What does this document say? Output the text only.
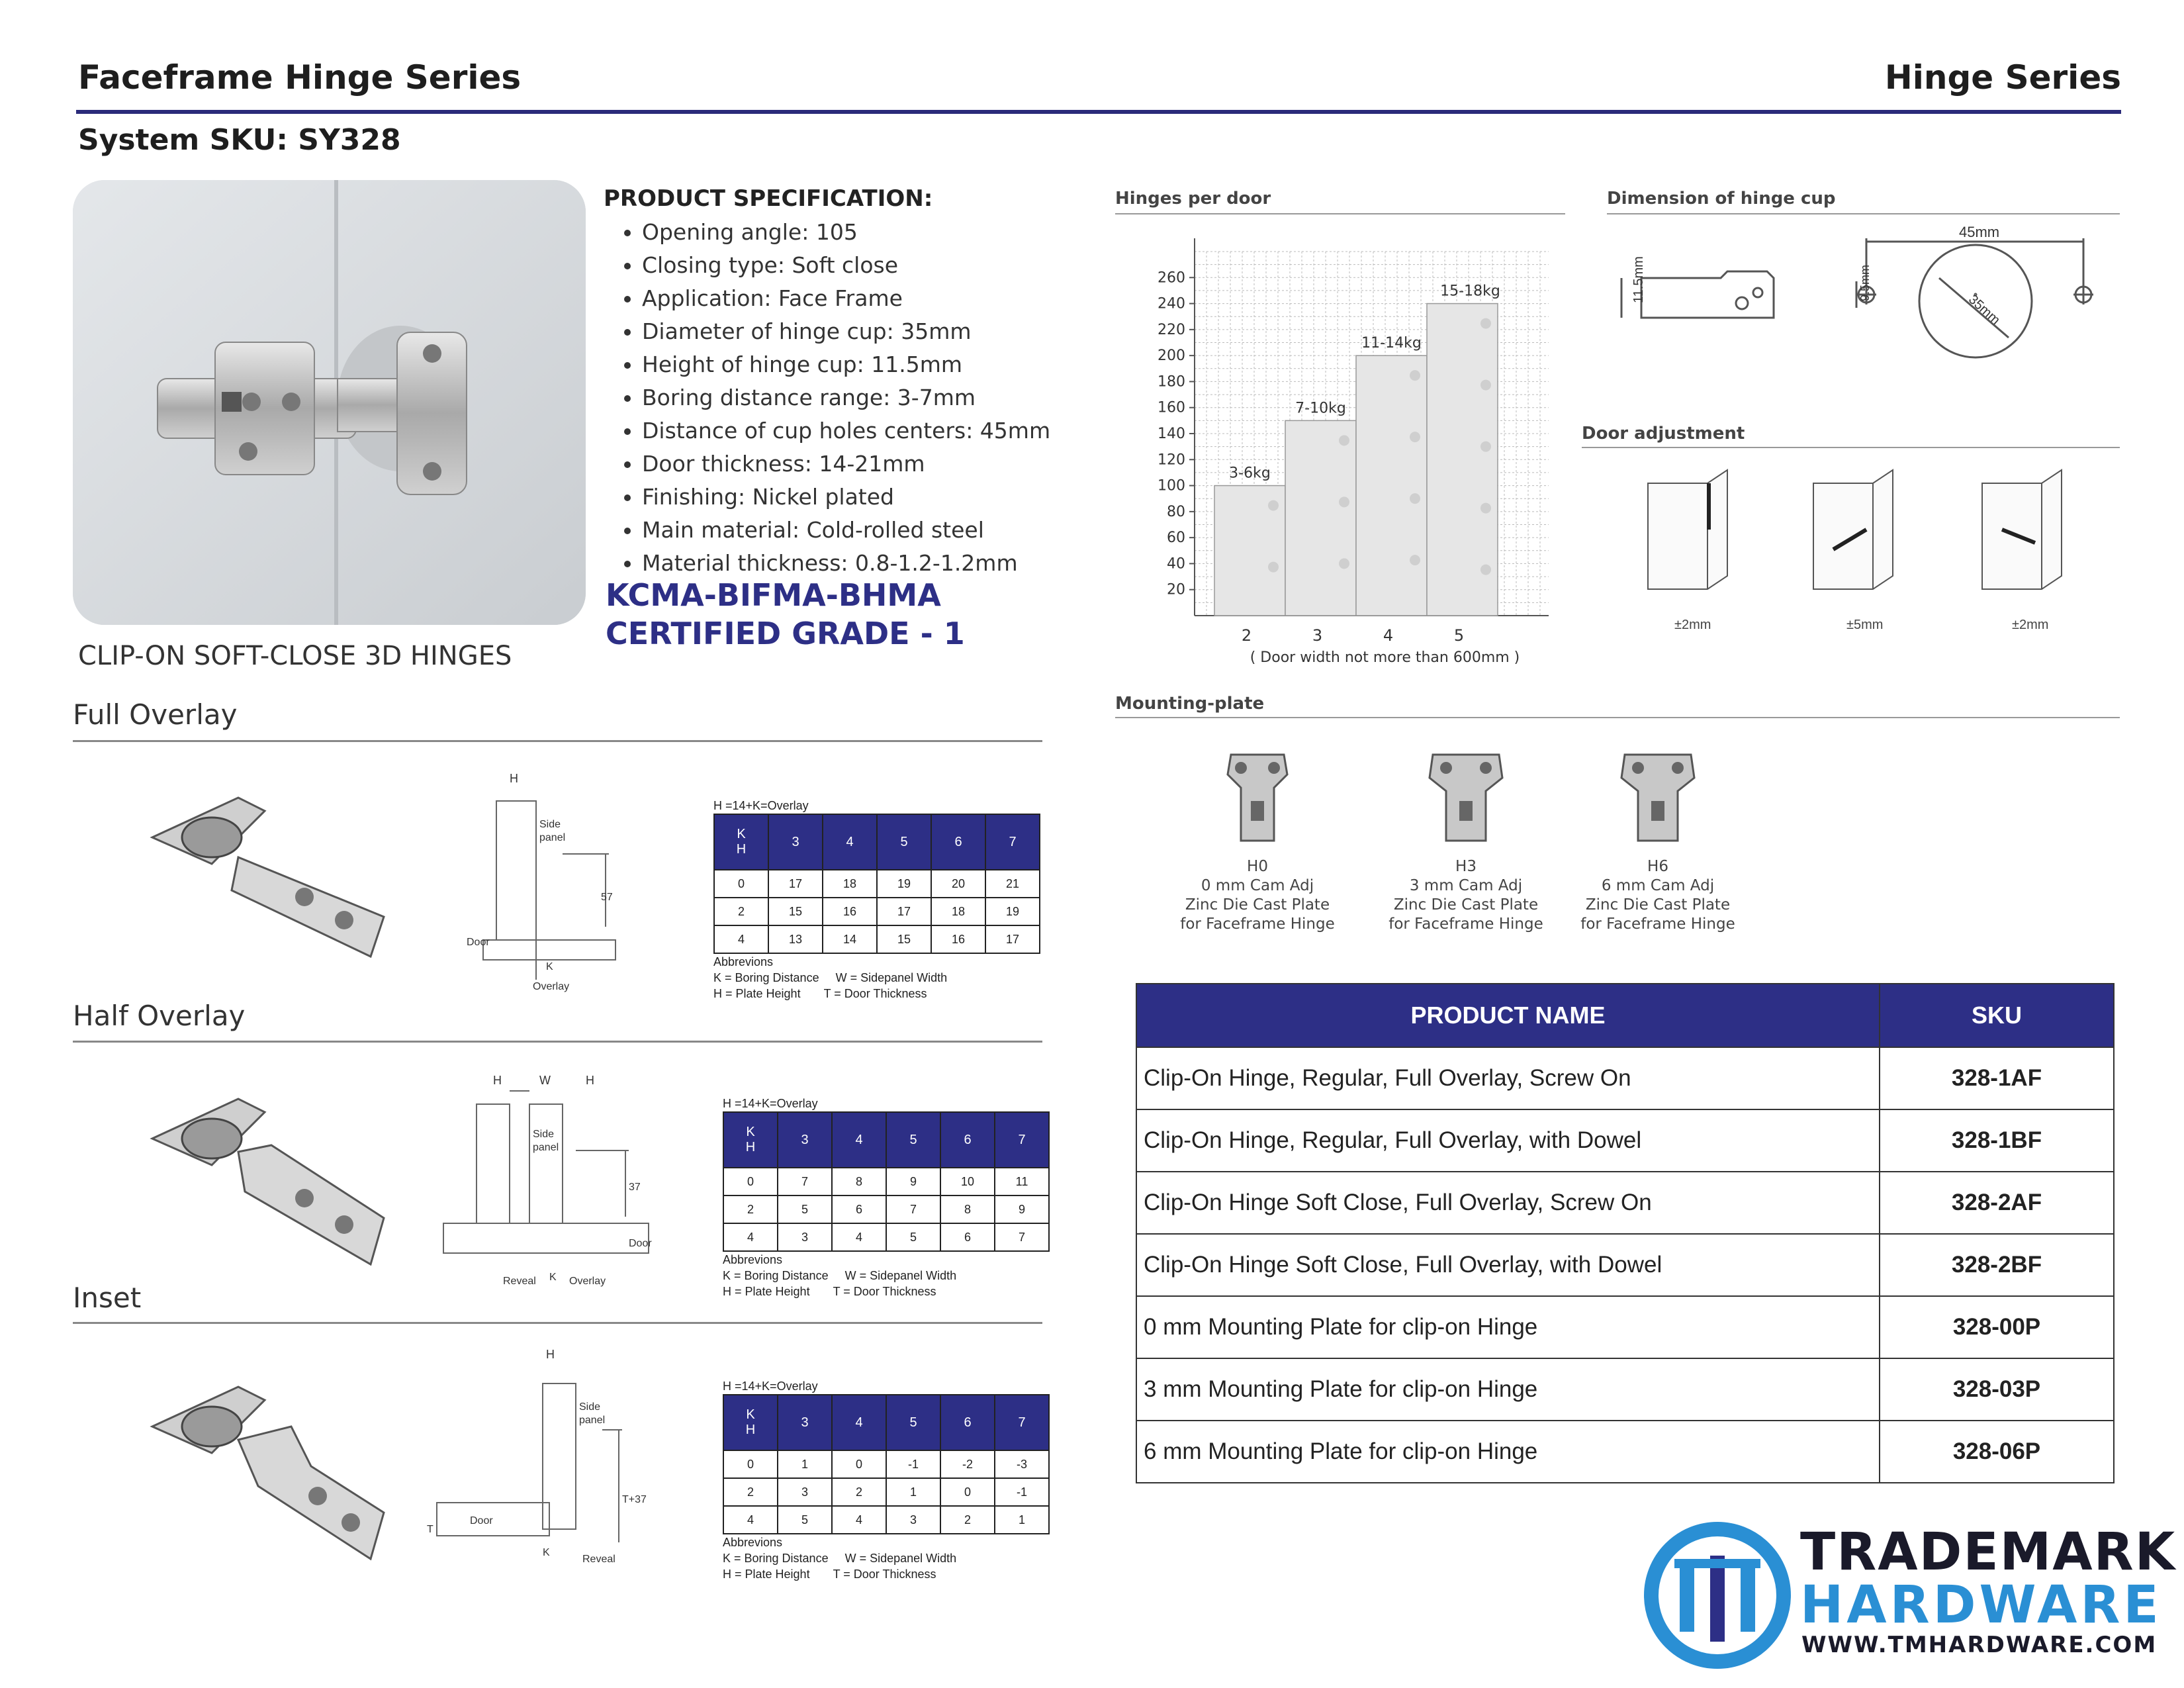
Faceframe Hinge Series	Hinge Series
System SKU: SY328
CLIP-ON SOFT-CLOSE 3D HINGES
PRODUCT SPECIFICATION:
• Opening angle: 105
• Closing type: Soft close
• Application: Face Frame
• Diameter of hinge cup: 35mm
• Height of hinge cup: 11.5mm
• Boring distance range: 3-7mm
• Distance of cup holes centers: 45mm
• Door thickness: 14-21mm
• Finishing: Nickel plated
• Main material: Cold-rolled steel
• Material thickness: 0.8-1.2-1.2mm
KCMA-BIFMA-BHMA
CERTIFIED GRADE - 1
Full Overlay
Half Overlay
Inset
H
Side
panel
57
Door
K
Overlay
H	W	H
Side
panel
37
Door
Reveal K Overlay
H
Side
panel
T+37
Door
T
K
Reveal
H =14+K=Overlay
K
H	3	4	5	6	7
0	17	18	19	20	21
2	15	16	17	18	19
4	13	14	15	16	17
Abbrevions
K = Boring Distance W = Sidepanel Width
H = Plate Height T = Door Thickness
H =14+K=Overlay
K
H	3	4	5	6	7
0	7	8	9	10	11
2	5	6	7	8	9
4	3	4	5	6	7
Abbrevions
K = Boring Distance W = Sidepanel Width
H = Plate Height T = Door Thickness
H =14+K=Overlay
K
H	3	4	5	6	7
0	1	0	-1	-2	-3
2	3	2	1	0	-1
4	5	4	3	2	1
Abbrevions
K = Boring Distance W = Sidepanel Width
H = Plate Height T = Door Thickness
Hinges per door
20
40
60
80
100
120
140
160
180
200
220
240
260
3-6kg
2
7-10kg
3
11-14kg
4
15-18kg
5
( Door width not more than 600mm )
Dimension of hinge cup
11.5mm
45mm
9.5mm
35mm
Door adjustment
±2mm	±5mm	±2mm
Mounting-plate
H0
0 mm Cam Adj
Zinc Die Cast Plate
for Faceframe Hinge
H3
3 mm Cam Adj
Zinc Die Cast Plate
for Faceframe Hinge
H6
6 mm Cam Adj
Zinc Die Cast Plate
for Faceframe Hinge
PRODUCT NAME	SKU
Clip-On Hinge, Regular, Full Overlay, Screw On	328-1AF
Clip-On Hinge, Regular, Full Overlay, with Dowel	328-1BF
Clip-On Hinge Soft Close, Full Overlay, Screw On	328-2AF
Clip-On Hinge Soft Close, Full Overlay, with Dowel	328-2BF
0 mm Mounting Plate for clip-on Hinge	328-00P
3 mm Mounting Plate for clip-on Hinge	328-03P
6 mm Mounting Plate for clip-on Hinge	328-06P
TRADEMARK
HARDWARE
WWW.TMHARDWARE.COM
